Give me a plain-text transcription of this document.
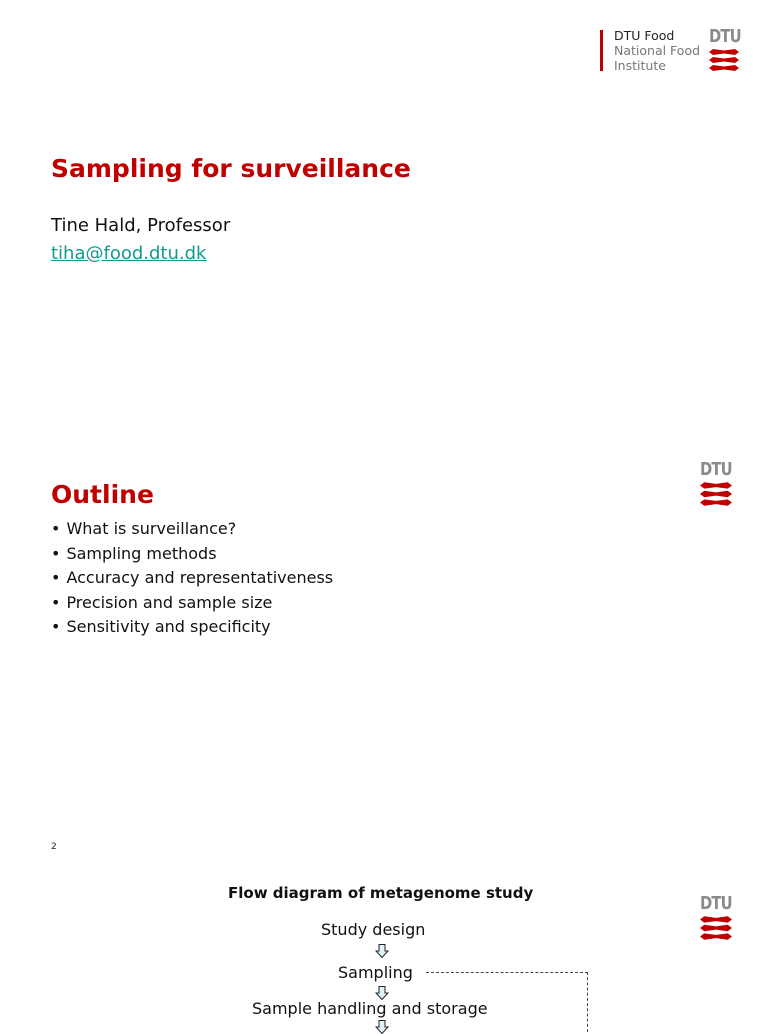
DTU Food
National Food
Institute
DTU
Sampling for surveillance
Tine Hald, Professor
tiha@food.dtu.dk
DTU
Outline
• What is surveillance?
• Sampling methods
• Accuracy and representativeness
• Precision and sample size
• Sensitivity and specificity
2
DTU
Flow diagram of metagenome study
Study design
Sampling
Sample handling and storage
